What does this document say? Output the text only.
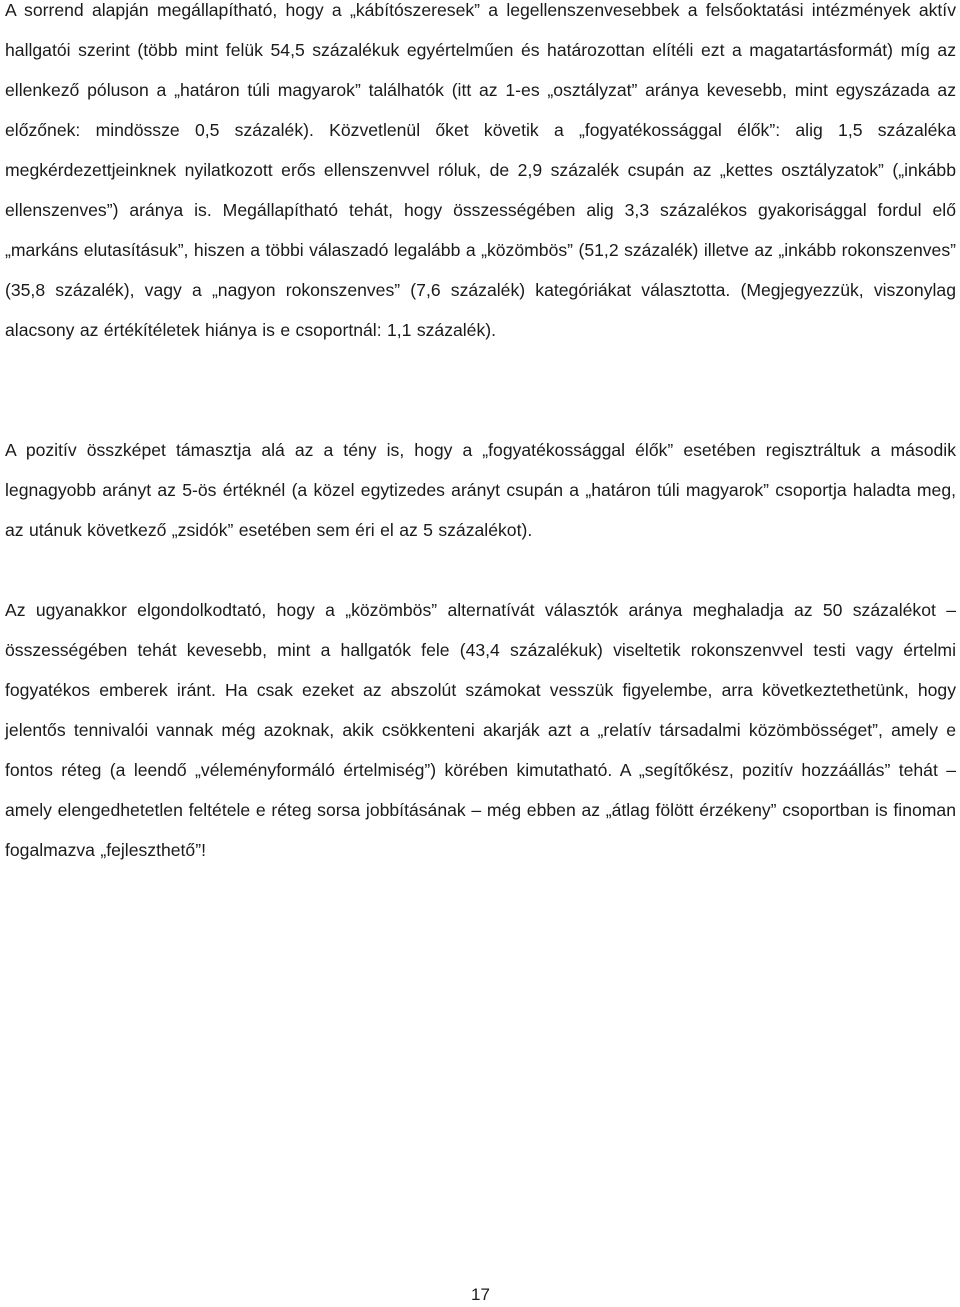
A sorrend alapján megállapítható, hogy a „kábítószeresek” a legellenszenvesebbek a felsőoktatási intézmények aktív hallgatói szerint (több mint felük 54,5 százalékuk egyértelműen és határozottan elítéli ezt a magatartásformát) míg az ellenkező póluson a „határon túli magyarok” találhatók (itt az 1-es „osztályzat” aránya kevesebb, mint egyszázada az előzőnek: mindössze 0,5 százalék). Közvetlenül őket követik a „fogyatékossággal élők”: alig 1,5 százaléka megkérdezettjeinknek nyilatkozott erős ellenszenvvel róluk, de 2,9 százalék csupán az „kettes osztályzatok” („inkább ellenszenves”) aránya is. Megállapítható tehát, hogy összességében alig 3,3 százalékos gyakorisággal fordul elő „markáns elutasításuk”, hiszen a többi válaszadó legalább a „közömbös” (51,2 százalék) illetve az „inkább rokonszenves” (35,8 százalék), vagy a „nagyon rokonszenves” (7,6 százalék) kategóriákat választotta. (Megjegyezzük, viszonylag alacsony az értékítéletek hiánya is e csoportnál: 1,1 százalék).

A pozitív összképet támasztja alá az a tény is, hogy a „fogyatékossággal élők” esetében regisztráltuk a második legnagyobb arányt az 5-ös értéknél (a közel egytizedes arányt csupán a „határon túli magyarok” csoportja haladta meg, az utánuk következő „zsidók” esetében sem éri el az 5 százalékot).

Az ugyanakkor elgondolkodtató, hogy a „közömbös” alternatívát választók aránya meghaladja az 50 százalékot – összességében tehát kevesebb, mint a hallgatók fele (43,4 százalékuk) viseltetik rokonszenvvel testi vagy értelmi fogyatékos emberek iránt. Ha csak ezeket az abszolút számokat vesszük figyelembe, arra következtethetünk, hogy jelentős tennivalói vannak még azoknak, akik csökkenteni akarják azt a „relatív társadalmi közömbösséget”, amely e fontos réteg (a leendő „véleményformáló értelmiség”) körében kimutatható. A „segítőkész, pozitív hozzáállás” tehát – amely elengedhetetlen feltétele e réteg sorsa jobbításának – még ebben az „átlag fölött érzékeny” csoportban is finoman fogalmazva „fejleszthető”!

17
